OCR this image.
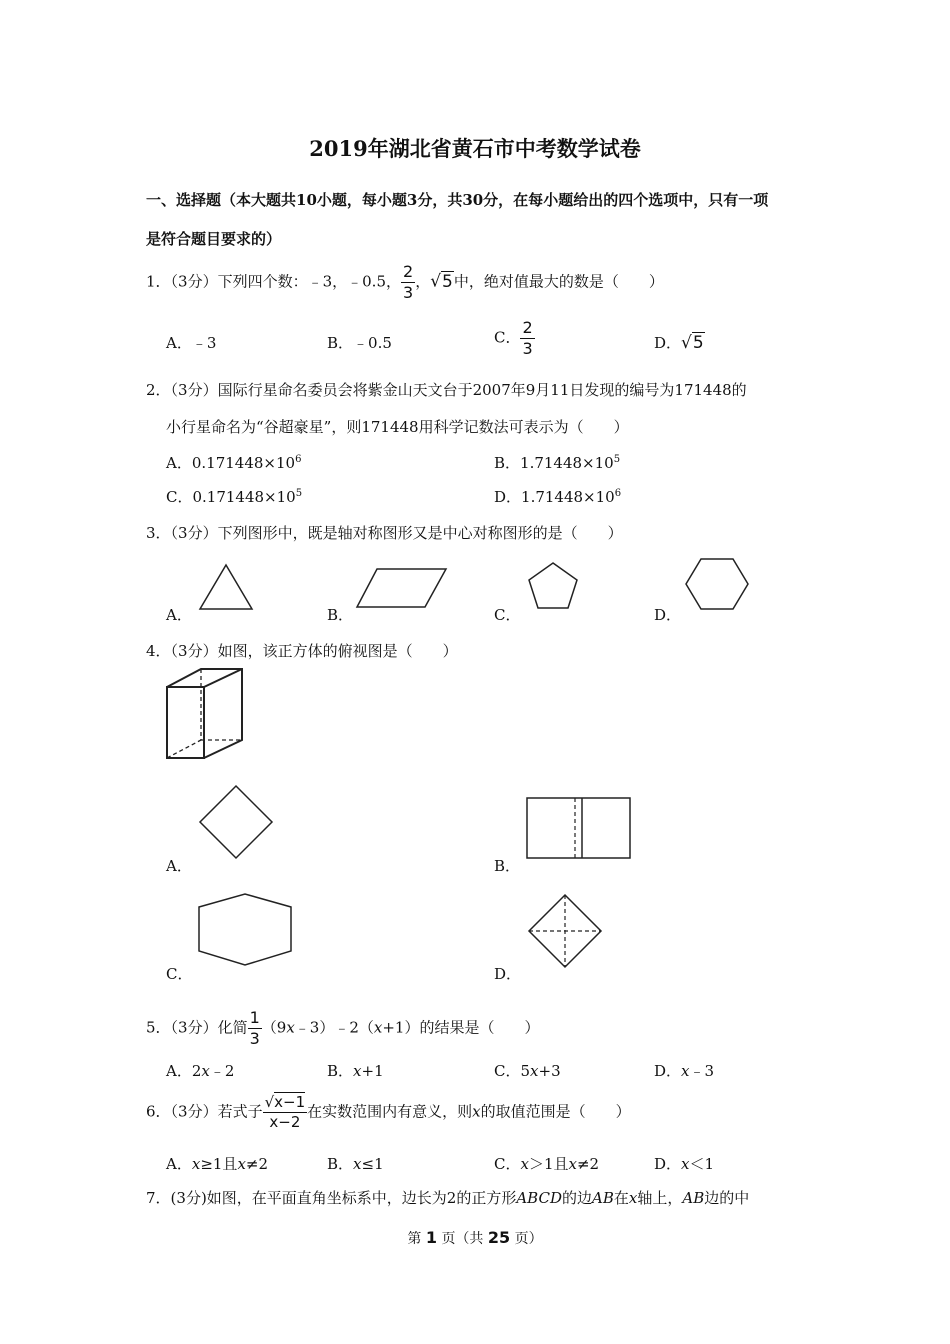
2019年湖北省黄石市中考数学试卷
一、选择题（本大题共10小题，每小题3分，共30分，在每小题给出的四个选项中，只有一项
是符合题目要求的）
1．（3分）下列四个数：﹣3，﹣0.5， $\frac{2}{3}$ ，√5中，绝对值最大的数是（　　）
A．﹣3	B．﹣0.5	C． $\frac{2}{3}$	D．√5
2．（3分）国际行星命名委员会将紫金山天文台于2007年9月11日发现的编号为171448的
小行星命名为“谷超豪星”，则171448用科学记数法可表示为（　　）
A．$0.171448\times 10^6$	B．$1.71448\times 10^5$
C．$0.171448\times 10^5$	D．$1.71448\times 10^6$
3．（3分）下列图形中，既是轴对称图形又是中心对称图形的是（　　）
A．	B．	C．	D．
4．（3分）如图，该正方体的俯视图是（　　）
A．	B．
C．	D．
5．（3分）化简 $\frac{1}{3}$ （9x﹣3）﹣2（x+1）的结果是（　　）
A．2x﹣2	B．x+1	C．5x+3	D．x﹣3
6．（3分）若式子 $\frac{√x-1}{x-2}$ 在实数范围内有意义，则x的取值范围是（　　）
A．x≥1且x≠2	B．x≤1	C．x＞1且x≠2	D．x＜1
7．(3分)如图，在平面直角坐标系中，边长为2的正方形ABCD的边AB在x轴上，AB边的中
第 1 页（共 25 页）
